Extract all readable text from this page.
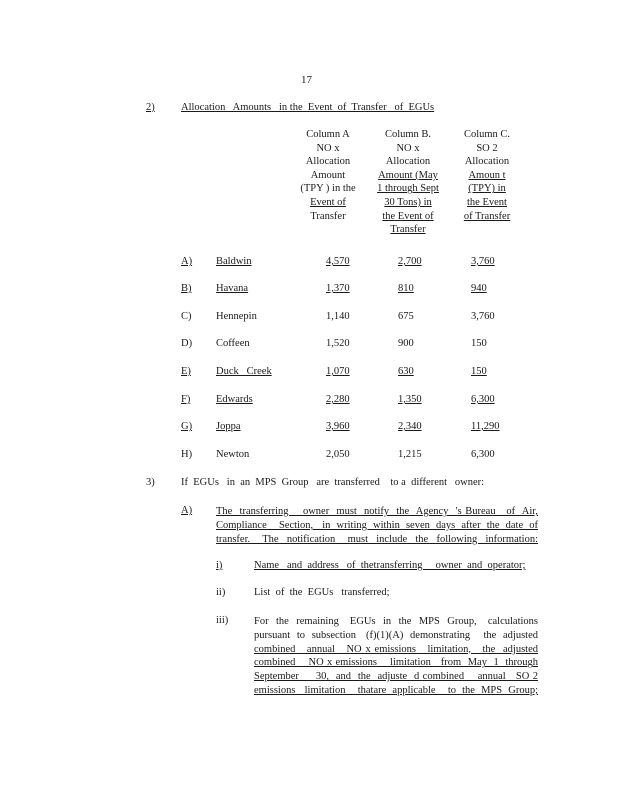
17
2)	Allocation   Amounts   in the  Event  of  Transfer   of  EGUs
Column A
NO x
Allocation
Amount
(TPY ) in the
Event of
Transfer
Column B.
NO x
Allocation
Amount (May
1 through Sept
30 Tons) in
the Event of
Transfer
Column C.
SO 2
Allocation
Amoun t
(TPY) in
the Event
of Transfer
A) Baldwin	4,570	2,700	3,760
B) Havana	1,370	810	940
C) Hennepin	1,140	675	3,760
D) Coffeen	1,520	900	150
E) Duck   Creek	1,070	630	150
F) Edwards	2,280	1,350	6,300
G) Joppa	3,960	2,340	11,290
H) Newton	2,050	1,215	6,300
3)	If  EGUs   in  an  MPS  Group   are  transferred    to a  different   owner:
A) The  transferring    owner  must  notify  the  Agency  's Bureau   of  Air,
Compliance    Section,   in  writing  within  seven  days  after  the  date  of
transfer.   The  notification   must  include  the  following  information:
i)	Name   and  address   of  thetransferring     owner  and  operator;
ii)	List  of  the  EGUs   transferred;
iii) For  the  remaining   EGUs  in  the  MPS  Group,   calculations
pursuant  to  subsection   (f)(1)(A)  demonstrating    the  adjusted
combined   annual   NO x emissions   limitation,   the  adjusted
combined    NO x emissions    limitation   from  May  1  through
September     30,  and  the  adjuste  d combined    annual   SO 2
emissions   limitation    thatare  applicable    to  the  MPS  Group;
